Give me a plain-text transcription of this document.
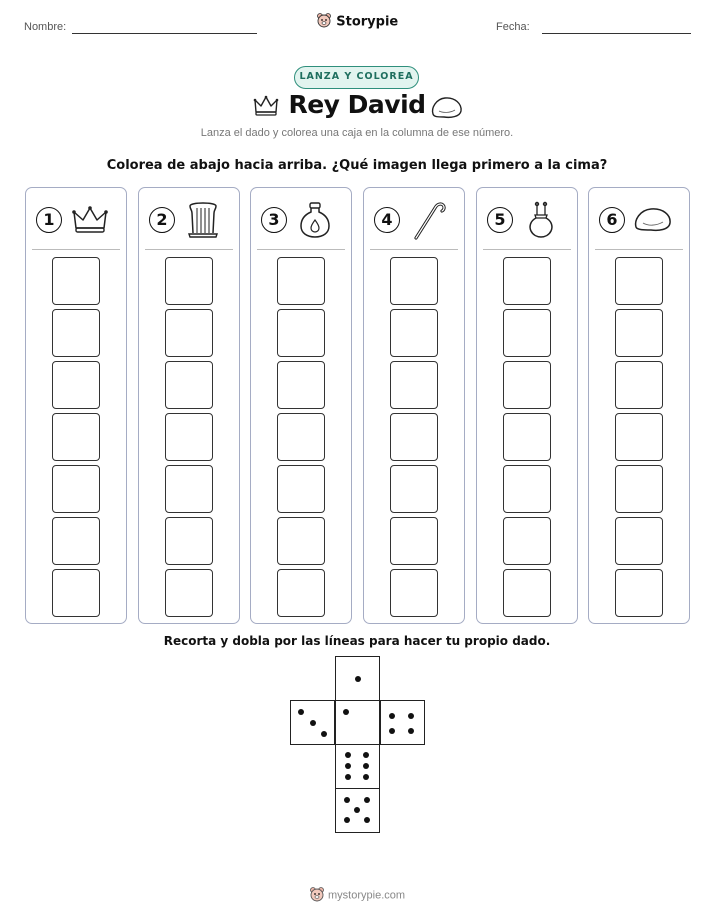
Nombre:	Fecha:
Storypie
LANZA Y COLOREA
Rey David
Lanza el dado y colorea una caja en la columna de ese número.
Colorea de abajo hacia arriba. ¿Qué imagen llega primero a la cima?
1	2	3	4	5	6
Recorta y dobla por las líneas para hacer tu propio dado.
mystorypie.com
